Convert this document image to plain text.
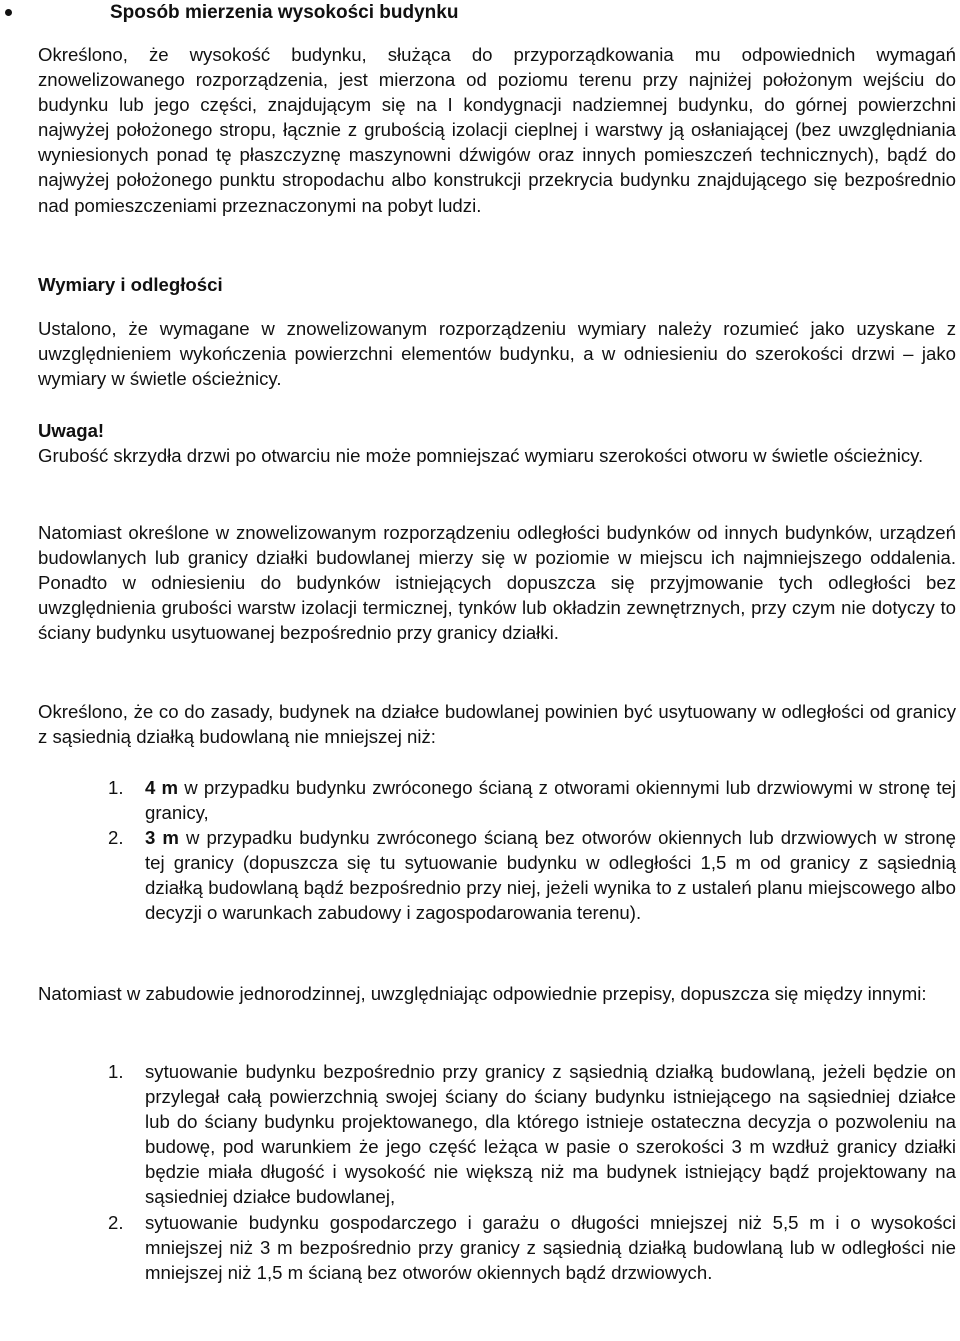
Sposób mierzenia wysokości budynku

Określono, że wysokość budynku, służąca do przyporządkowania mu odpowiednich wymagań znowelizowanego rozporządzenia, jest mierzona od poziomu terenu przy najniżej położonym wejściu do budynku lub jego części, znajdującym się na I kondygnacji nadziemnej budynku, do górnej powierzchni najwyżej położonego stropu, łącznie z grubością izolacji cieplnej i warstwy ją osłaniającej (bez uwzględniania wyniesionych ponad tę płaszczyznę maszynowni dźwigów oraz innych pomieszczeń technicznych), bądź do najwyżej położonego punktu stropodachu albo konstrukcji przekrycia budynku znajdującego się bezpośrednio nad pomieszczeniami przeznaczonymi na pobyt ludzi.

Wymiary i odległości

Ustalono, że wymagane w znowelizowanym rozporządzeniu wymiary należy rozumieć jako uzyskane z uwzględnieniem wykończenia powierzchni elementów budynku, a w odniesieniu do szerokości drzwi – jako wymiary w świetle ościeżnicy.

Uwaga!

Grubość skrzydła drzwi po otwarciu nie może pomniejszać wymiaru szerokości otworu w świetle ościeżnicy.

Natomiast określone w znowelizowanym rozporządzeniu odległości budynków od innych budynków, urządzeń budowlanych lub granicy działki budowlanej mierzy się w poziomie w miejscu ich najmniejszego oddalenia. Ponadto w odniesieniu do budynków istniejących dopuszcza się przyjmowanie tych odległości bez uwzględnienia grubości warstw izolacji termicznej, tynków lub okładzin zewnętrznych, przy czym nie dotyczy to ściany budynku usytuowanej bezpośrednio przy granicy działki.

Określono, że co do zasady, budynek na działce budowlanej powinien być usytuowany w odległości od granicy z sąsiednią działką budowlaną nie mniejszej niż:

1. 4 m w przypadku budynku zwróconego ścianą z otworami okiennymi lub drzwiowymi w stronę tej granicy,
2. 3 m w przypadku budynku zwróconego ścianą bez otworów okiennych lub drzwiowych w stronę tej granicy (dopuszcza się tu sytuowanie budynku w odległości 1,5 m od granicy z sąsiednią działką budowlaną bądź bezpośrednio przy niej, jeżeli wynika to z ustaleń planu miejscowego albo decyzji o warunkach zabudowy i zagospodarowania terenu).

Natomiast w zabudowie jednorodzinnej, uwzględniając odpowiednie przepisy, dopuszcza się między innymi:

1. sytuowanie budynku bezpośrednio przy granicy z sąsiednią działką budowlaną, jeżeli będzie on przylegał całą powierzchnią swojej ściany do ściany budynku istniejącego na sąsiedniej działce lub do ściany budynku projektowanego, dla którego istnieje ostateczna decyzja o pozwoleniu na budowę, pod warunkiem że jego część leżąca w pasie o szerokości 3 m wzdłuż granicy działki będzie miała długość i wysokość nie większą niż ma budynek istniejący bądź projektowany na sąsiedniej działce budowlanej,
2. sytuowanie budynku gospodarczego i garażu o długości mniejszej niż 5,5 m i o wysokości mniejszej niż 3 m bezpośrednio przy granicy z sąsiednią działką budowlaną lub w odległości nie mniejszej niż 1,5 m ścianą bez otworów okiennych bądź drzwiowych.
